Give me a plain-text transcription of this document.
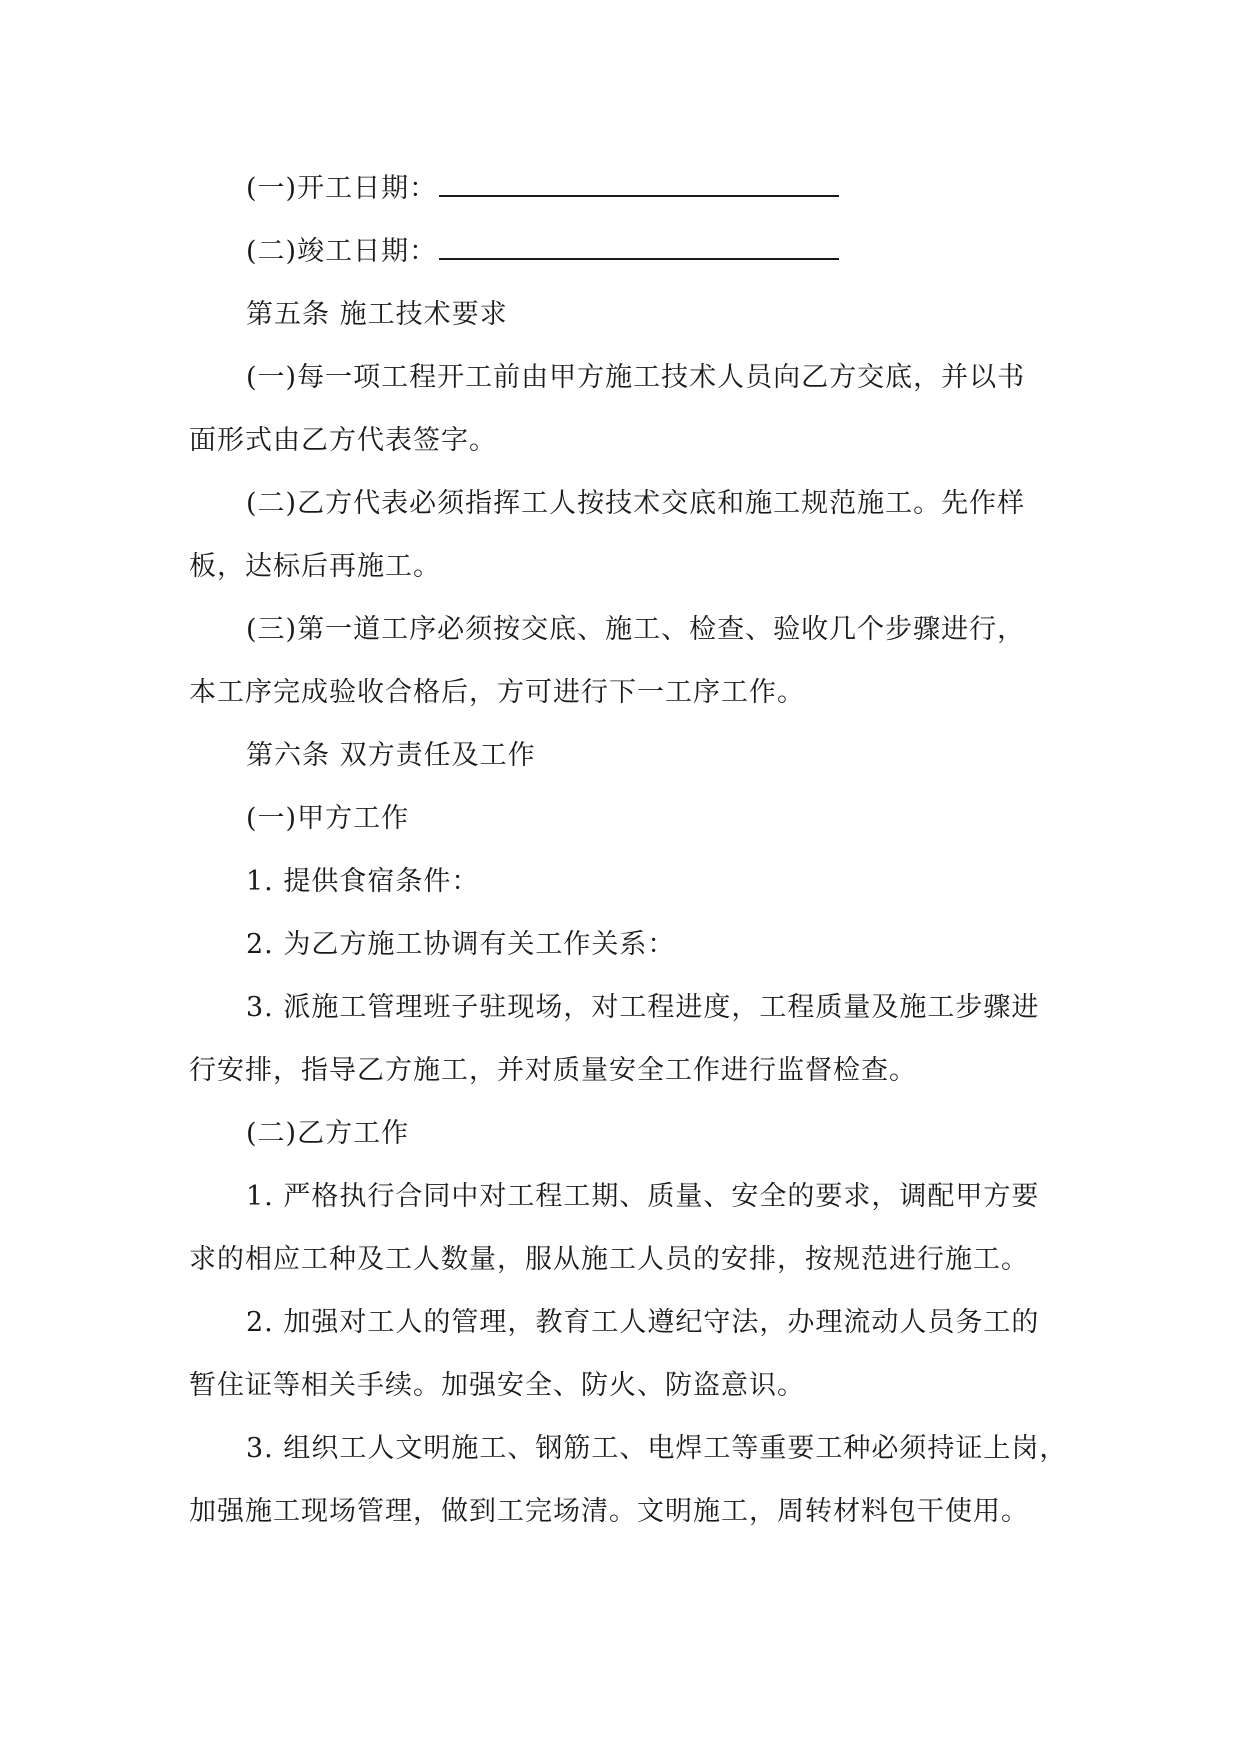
(一)开工日期：
(二)竣工日期：
第五条 施工技术要求
(一)每一项工程开工前由甲方施工技术人员向乙方交底，并以书
面形式由乙方代表签字。
(二)乙方代表必须指挥工人按技术交底和施工规范施工。先作样
板，达标后再施工。
(三)第一道工序必须按交底、施工、检查、验收几个步骤进行，
本工序完成验收合格后，方可进行下一工序工作。
第六条 双方责任及工作
(一)甲方工作
1. 提供食宿条件：
2. 为乙方施工协调有关工作关系：
3. 派施工管理班子驻现场，对工程进度，工程质量及施工步骤进
行安排，指导乙方施工，并对质量安全工作进行监督检查。
(二)乙方工作
1. 严格执行合同中对工程工期、质量、安全的要求，调配甲方要
求的相应工种及工人数量，服从施工人员的安排，按规范进行施工。
2. 加强对工人的管理，教育工人遵纪守法，办理流动人员务工的
暂住证等相关手续。加强安全、防火、防盗意识。
3. 组织工人文明施工、钢筋工、电焊工等重要工种必须持证上岗，
加强施工现场管理，做到工完场清。文明施工，周转材料包干使用。
